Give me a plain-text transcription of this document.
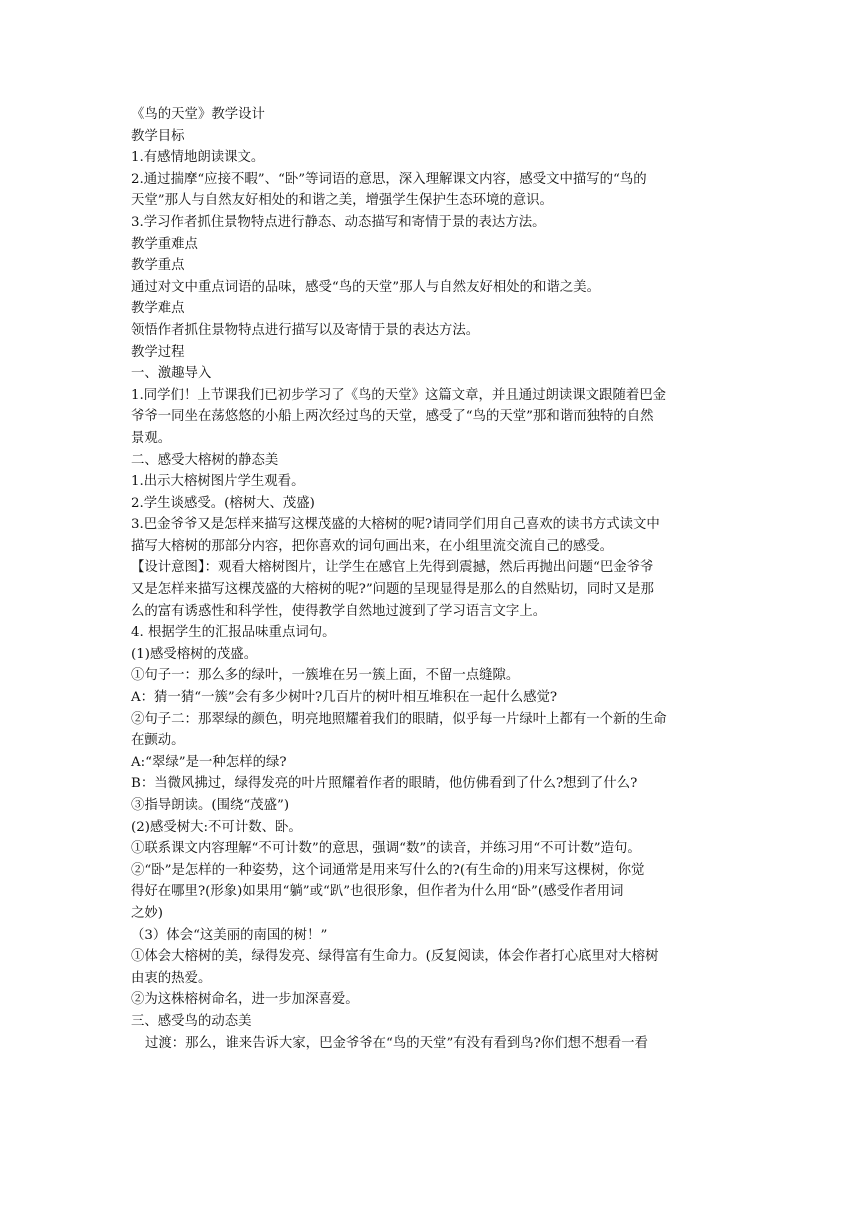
《鸟的天堂》教学设计
教学目标
1.有感情地朗读课文。
2.通过揣摩“应接不暇”、“卧”等词语的意思，深入理解课文内容，感受文中描写的“鸟的
天堂”那人与自然友好相处的和谐之美，增强学生保护生态环境的意识。
3.学习作者抓住景物特点进行静态、动态描写和寄情于景的表达方法。
教学重难点
教学重点
通过对文中重点词语的品味，感受“鸟的天堂”那人与自然友好相处的和谐之美。
教学难点
领悟作者抓住景物特点进行描写以及寄情于景的表达方法。
教学过程
一、激趣导入
1.同学们！上节课我们已初步学习了《鸟的天堂》这篇文章，并且通过朗读课文跟随着巴金
爷爷一同坐在荡悠悠的小船上两次经过鸟的天堂，感受了“鸟的天堂”那和谐而独特的自然
景观。
二、感受大榕树的静态美
1.出示大榕树图片学生观看。
2.学生谈感受。(榕树大、茂盛)
3.巴金爷爷又是怎样来描写这棵茂盛的大榕树的呢?请同学们用自己喜欢的读书方式读文中
描写大榕树的那部分内容，把你喜欢的词句画出来，在小组里流交流自己的感受。
【设计意图】：观看大榕树图片，让学生在感官上先得到震撼，然后再抛出问题“巴金爷爷
又是怎样来描写这棵茂盛的大榕树的呢?”问题的呈现显得是那么的自然贴切，同时又是那
么的富有诱惑性和科学性，使得教学自然地过渡到了学习语言文字上。
4. 根据学生的汇报品味重点词句。
(1)感受榕树的茂盛。
①句子一：那么多的绿叶，一簇堆在另一簇上面，不留一点缝隙。
A：猜一猜“一簇”会有多少树叶?几百片的树叶相互堆积在一起什么感觉?
②句子二：那翠绿的颜色，明亮地照耀着我们的眼睛，似乎每一片绿叶上都有一个新的生命
在颤动。
A:“翠绿”是一种怎样的绿?
B：当微风拂过，绿得发亮的叶片照耀着作者的眼睛，他仿佛看到了什么?想到了什么?
③指导朗读。(围绕“茂盛”)
(2)感受树大:不可计数、卧。
①联系课文内容理解“不可计数”的意思，强调“数”的读音，并练习用“不可计数”造句。
②“卧”是怎样的一种姿势，这个词通常是用来写什么的?(有生命的)用来写这棵树，你觉
得好在哪里?(形象)如果用“躺”或“趴”也很形象，但作者为什么用“卧”(感受作者用词
之妙)
（3）体会“这美丽的南国的树！”
①体会大榕树的美，绿得发亮、绿得富有生命力。(反复阅读，体会作者打心底里对大榕树
由衷的热爱。
②为这株榕树命名，进一步加深喜爱。
三、感受鸟的动态美
过渡：那么，谁来告诉大家，巴金爷爷在“鸟的天堂”有没有看到鸟?你们想不想看一看
